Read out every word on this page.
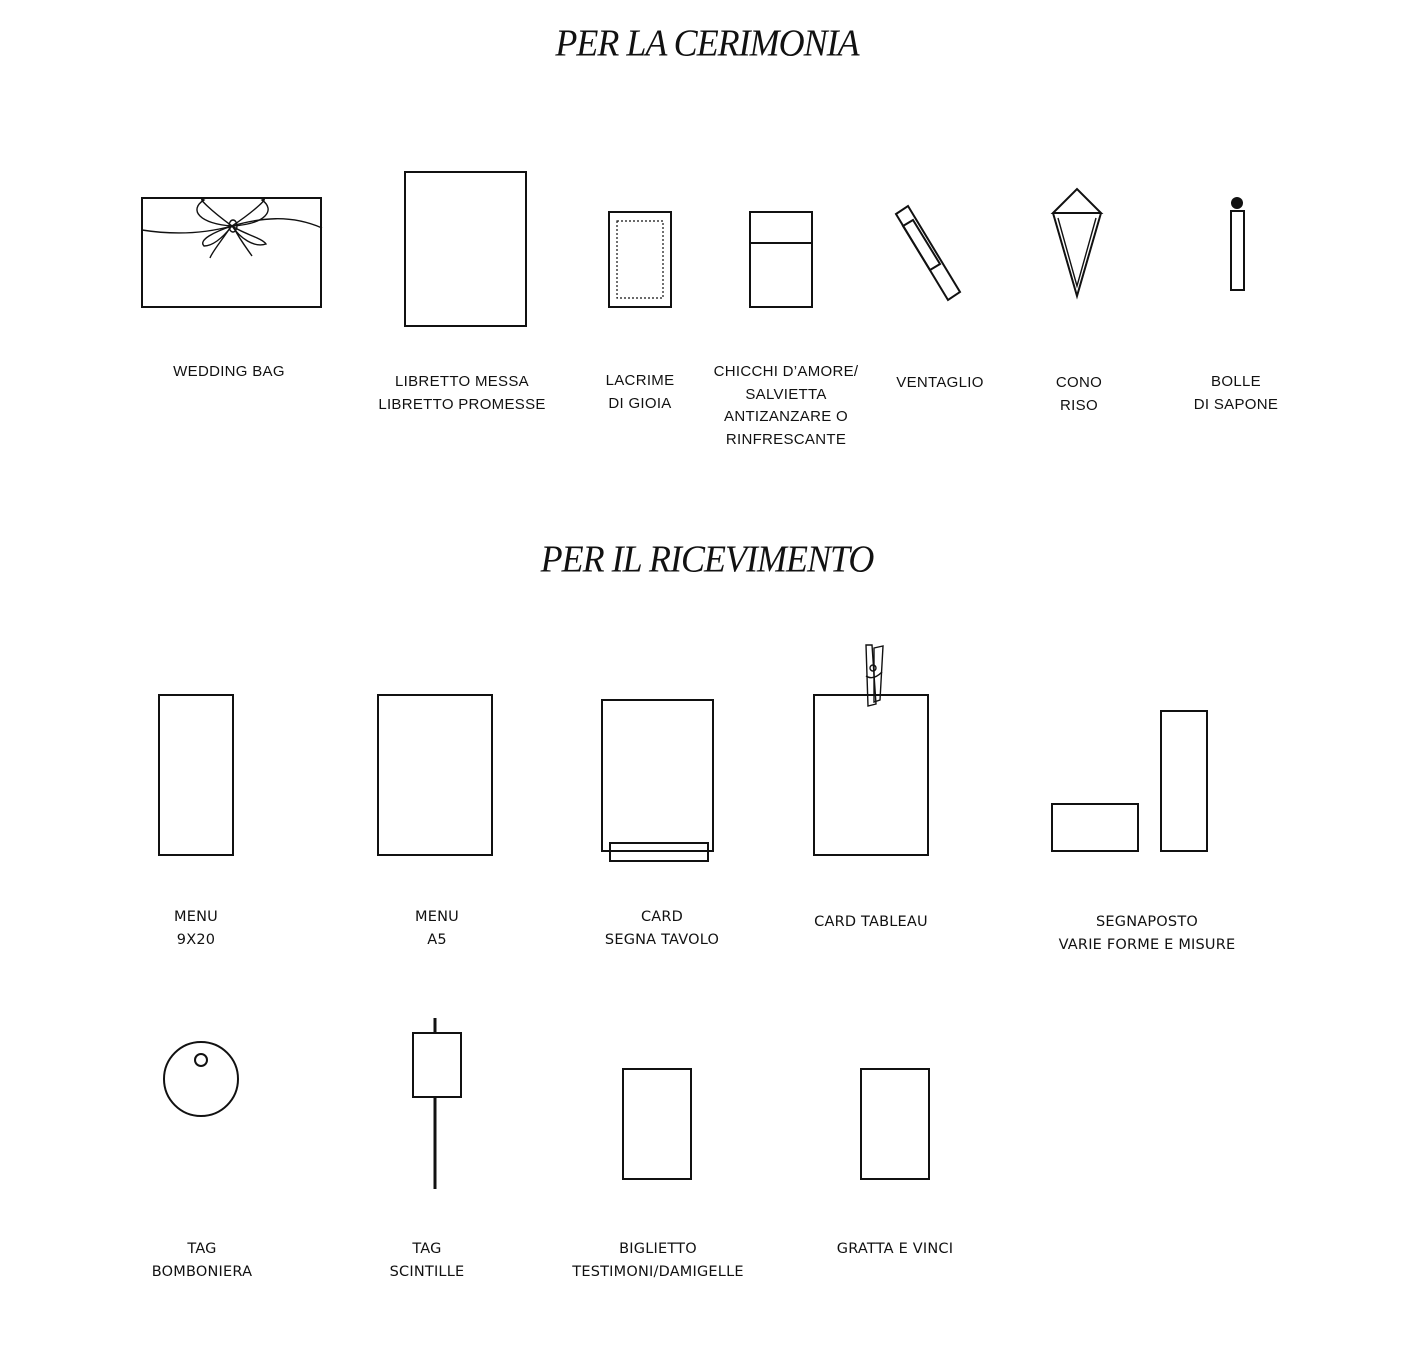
PER LA CERIMONIA
PER IL RICEVIMENTO
WEDDING BAG
LIBRETTO MESSA
LIBRETTO PROMESSE
LACRIME
DI GIOIA
CHICCHI D’AMORE/
SALVIETTA
ANTIZANZARE O
RINFRESCANTE
VENTAGLIO	CONO
RISO
BOLLE
DI SAPONE
MENU
9X20
MENU
A5
CARD
SEGNA TAVOLO
CARD TABLEAU	SEGNAPOSTO
VARIE FORME E MISURE
TAG
BOMBONIERA
TAG
SCINTILLE
BIGLIETTO
TESTIMONI/DAMIGELLE
GRATTA E VINCI
